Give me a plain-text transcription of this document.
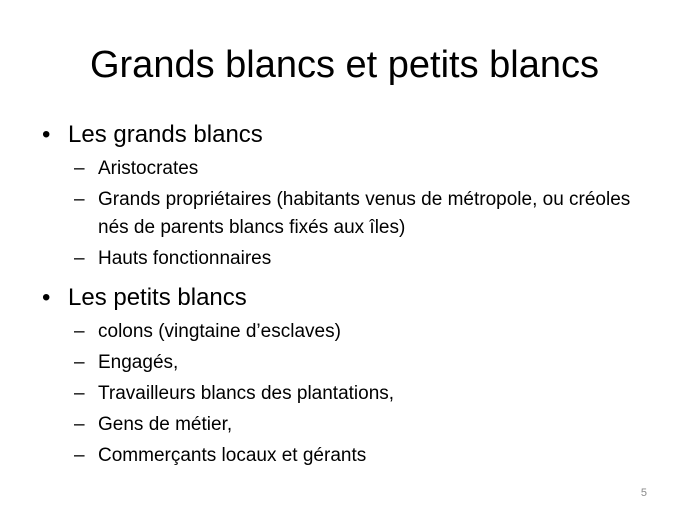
Grands blancs et petits blancs
• Les grands blancs
– Aristocrates
– Grands propriétaires (habitants venus de métropole, ou créoles nés de parents blancs fixés aux îles)
– Hauts fonctionnaires
• Les petits blancs
– colons (vingtaine d’esclaves)
– Engagés,
– Travailleurs blancs des plantations,
– Gens de métier,
– Commerçants locaux et gérants
5
